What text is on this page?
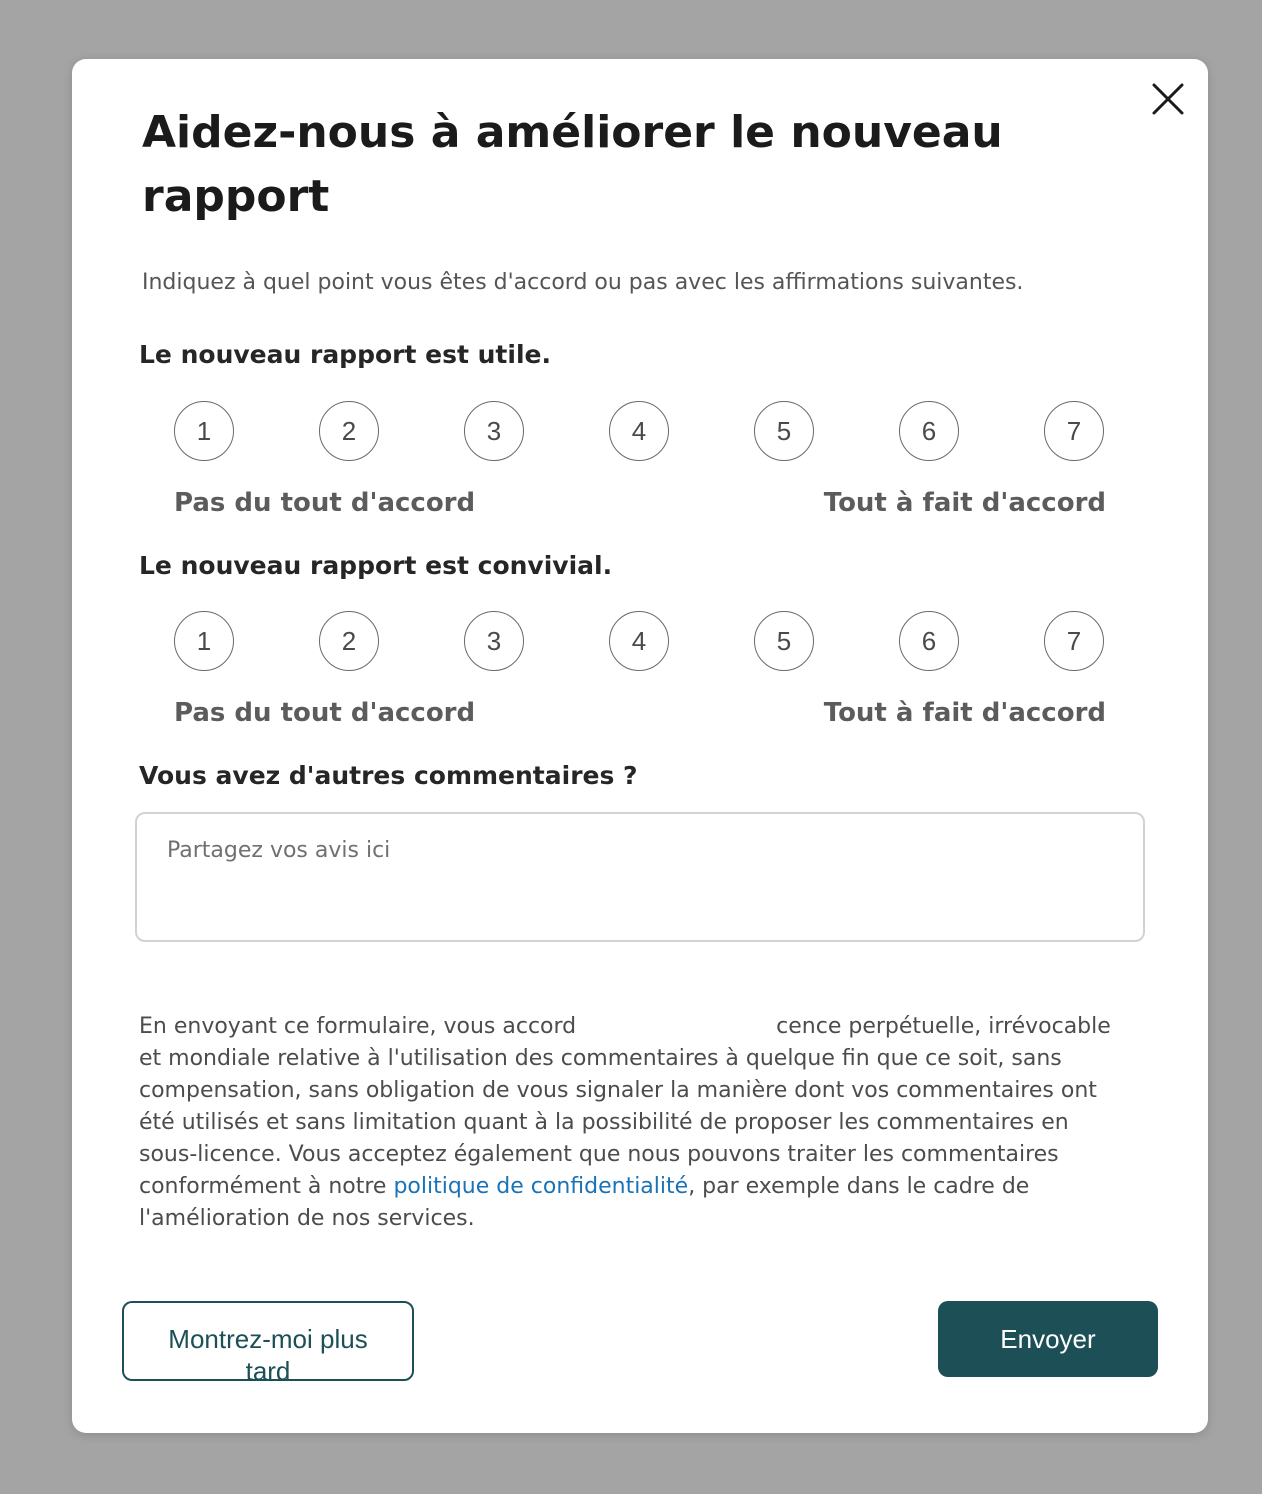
Aidez-nous à améliorer le nouveau rapport
Indiquez à quel point vous êtes d'accord ou pas avec les affirmations suivantes.
Le nouveau rapport est utile.
1	2	3	4	5	6	7
Pas du tout d'accord	Tout à fait d'accord
Le nouveau rapport est convivial.
1	2	3	4	5	6	7
Pas du tout d'accord	Tout à fait d'accord
Vous avez d'autres commentaires ?
Partagez vos avis ici
En envoyant ce formulaire, vous accord	cence perpétuelle, irrévocable et mondiale relative à l'utilisation des commentaires à quelque fin que ce soit, sans compensation, sans obligation de vous signaler la manière dont vos commentaires ont été utilisés et sans limitation quant à la possibilité de proposer les commentaires en sous-licence. Vous acceptez également que nous pouvons traiter les commentaires conformément à notre politique de confidentialité, par exemple dans le cadre de l'amélioration de nos services.
Montrez-moi plus tard
Envoyer
